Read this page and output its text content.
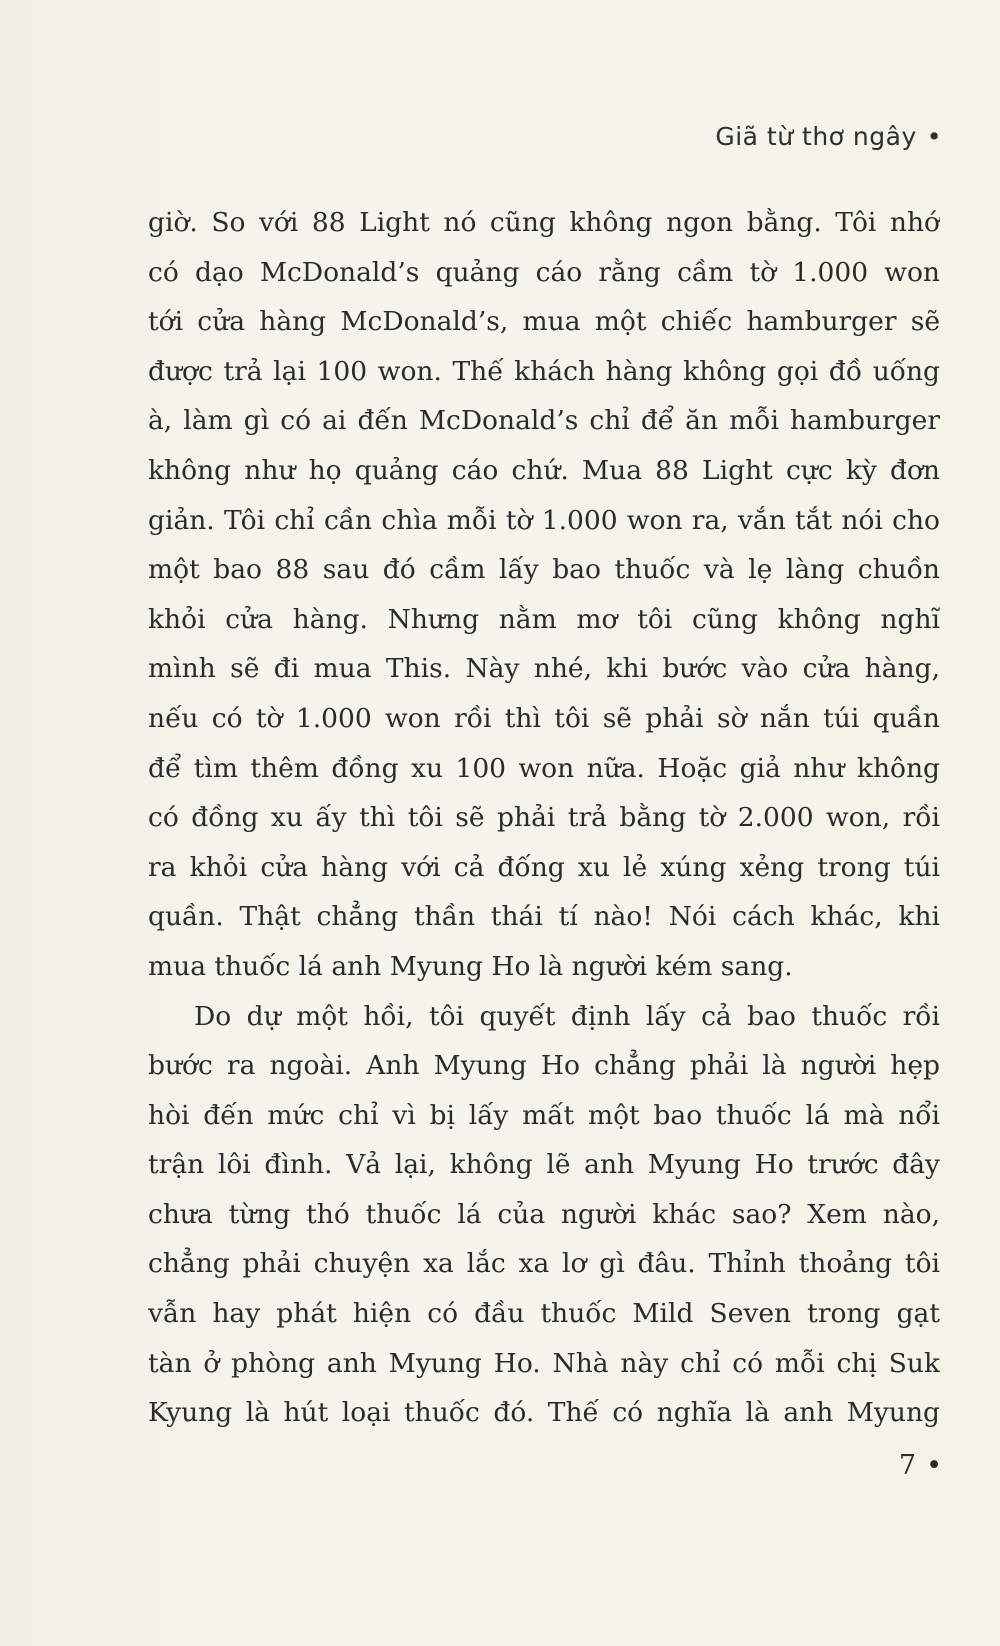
Giã từ thơ ngây •
giờ. So với 88 Light nó cũng không ngon bằng. Tôi nhớ
có dạo McDonald’s quảng cáo rằng cầm tờ 1.000 won
tới cửa hàng McDonald’s, mua một chiếc hamburger sẽ
được trả lại 100 won. Thế khách hàng không gọi đồ uống
à, làm gì có ai đến McDonald’s chỉ để ăn mỗi hamburger
không như họ quảng cáo chứ. Mua 88 Light cực kỳ đơn
giản. Tôi chỉ cần chìa mỗi tờ 1.000 won ra, vắn tắt nói cho
một bao 88 sau đó cầm lấy bao thuốc và lẹ làng chuồn
khỏi cửa hàng. Nhưng nằm mơ tôi cũng không nghĩ
mình sẽ đi mua This. Này nhé, khi bước vào cửa hàng,
nếu có tờ 1.000 won rồi thì tôi sẽ phải sờ nắn túi quần
để tìm thêm đồng xu 100 won nữa. Hoặc giả như không
có đồng xu ấy thì tôi sẽ phải trả bằng tờ 2.000 won, rồi
ra khỏi cửa hàng với cả đống xu lẻ xúng xẻng trong túi
quần. Thật chẳng thần thái tí nào! Nói cách khác, khi
mua thuốc lá anh Myung Ho là người kém sang.
Do dự một hồi, tôi quyết định lấy cả bao thuốc rồi
bước ra ngoài. Anh Myung Ho chẳng phải là người hẹp
hòi đến mức chỉ vì bị lấy mất một bao thuốc lá mà nổi
trận lôi đình. Vả lại, không lẽ anh Myung Ho trước đây
chưa từng thó thuốc lá của người khác sao? Xem nào,
chẳng phải chuyện xa lắc xa lơ gì đâu. Thỉnh thoảng tôi
vẫn hay phát hiện có đầu thuốc Mild Seven trong gạt
tàn ở phòng anh Myung Ho. Nhà này chỉ có mỗi chị Suk
Kyung là hút loại thuốc đó. Thế có nghĩa là anh Myung
7 •
